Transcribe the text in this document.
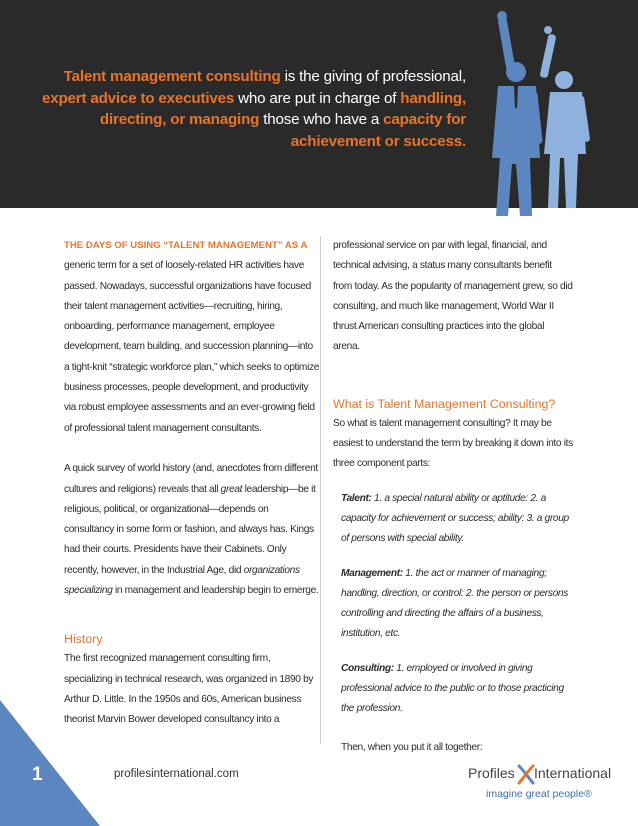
Talent management consulting is the giving of professional, expert advice to executives who are put in charge of handling, directing, or managing those who have a capacity for achievement or success.

THE DAYS OF USING “TALENT MANAGEMENT” AS A generic term for a set of loosely-related HR activities have passed. Nowadays, successful organizations have focused their talent management activities—recruiting, hiring, onboarding, performance management, employee development, team building, and succession planning—into a tight-knit “strategic workforce plan,” which seeks to optimize business processes, people development, and productivity via robust employee assessments and an ever-growing field of professional talent management consultants.

A quick survey of world history (and, anecdotes from different cultures and religions) reveals that all great leadership—be it religious, political, or organizational—depends on consultancy in some form or fashion, and always has. Kings had their courts. Presidents have their Cabinets. Only recently, however, in the Industrial Age, did organizations specializing in management and leadership begin to emerge.

History

The first recognized management consulting firm, specializing in technical research, was organized in 1890 by Arthur D. Little. In the 1950s and 60s, American business theorist Marvin Bower developed consultancy into a

professional service on par with legal, financial, and technical advising, a status many consultants benefit from today. As the popularity of management grew, so did consulting, and much like management, World War II thrust American consulting practices into the global arena.

What is Talent Management Consulting?

So what is talent management consulting? It may be easiest to understand the term by breaking it down into its three component parts:

Talent: 1. a special natural ability or aptitude: 2. a capacity for achievement or success; ability: 3. a group of persons with special ability.

Management: 1. the act or manner of managing; handling, direction, or control: 2. the person or persons controlling and directing the affairs of a business, institution, etc.

Consulting: 1. employed or involved in giving professional advice to the public or to those practicing the profession.

Then, when you put it all together:

1	profilesinternational.com	Profiles International
imagine great people®
